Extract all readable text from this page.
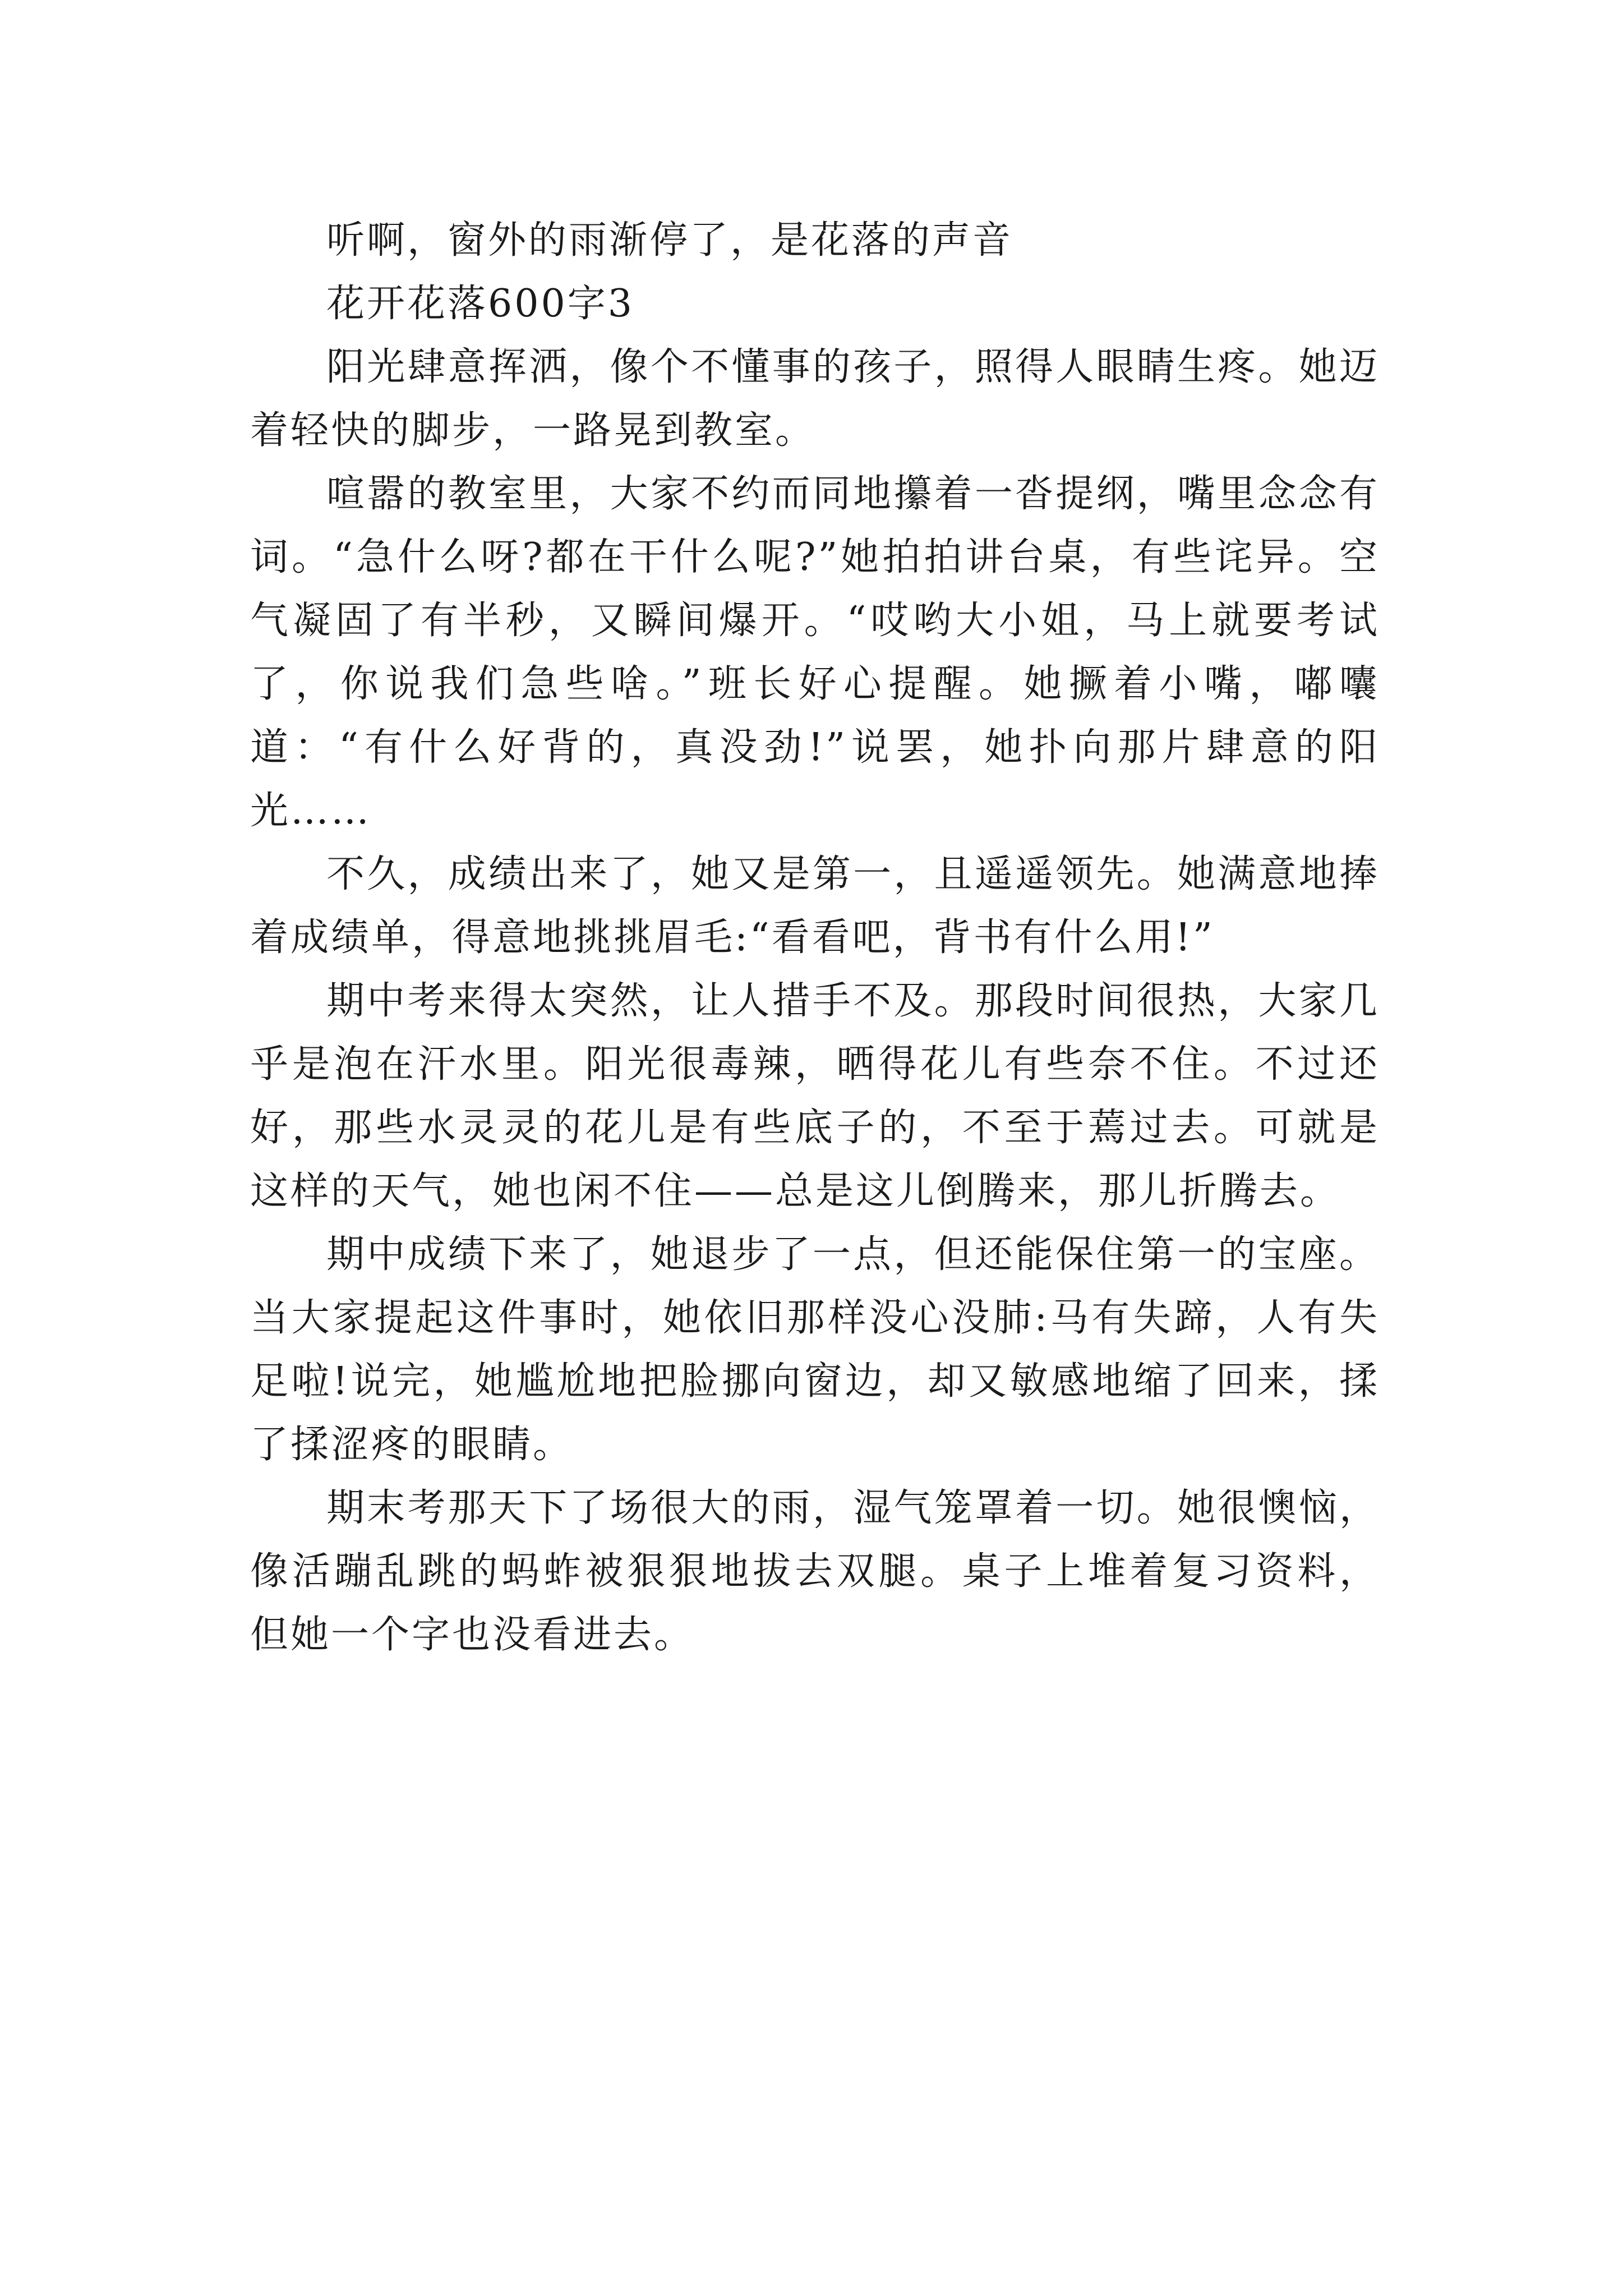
听啊，窗外的雨渐停了，是花落的声音

花开花落600字3

阳光肆意挥洒，像个不懂事的孩子，照得人眼睛生疼。她迈着轻快的脚步，一路晃到教室。

喧嚣的教室里，大家不约而同地攥着一沓提纲，嘴里念念有词。“急什么呀?都在干什么呢?”她拍拍讲台桌，有些诧异。空气凝固了有半秒，又瞬间爆开。“哎哟大小姐，马上就要考试了，你说我们急些啥。”班长好心提醒。她撅着小嘴，嘟囔道：“有什么好背的，真没劲!”说罢，她扑向那片肆意的阳光……

不久，成绩出来了，她又是第一，且遥遥领先。她满意地捧着成绩单，得意地挑挑眉毛:“看看吧，背书有什么用!”

期中考来得太突然，让人措手不及。那段时间很热，大家几乎是泡在汗水里。阳光很毒辣，晒得花儿有些奈不住。不过还好，那些水灵灵的花儿是有些底子的，不至于蔫过去。可就是这样的天气，她也闲不住——总是这儿倒腾来，那儿折腾去。

期中成绩下来了，她退步了一点，但还能保住第一的宝座。当大家提起这件事时，她依旧那样没心没肺:马有失蹄，人有失足啦!说完，她尴尬地把脸挪向窗边，却又敏感地缩了回来，揉了揉涩疼的眼睛。

期末考那天下了场很大的雨，湿气笼罩着一切。她很懊恼，像活蹦乱跳的蚂蚱被狠狠地拔去双腿。桌子上堆着复习资料，但她一个字也没看进去。
